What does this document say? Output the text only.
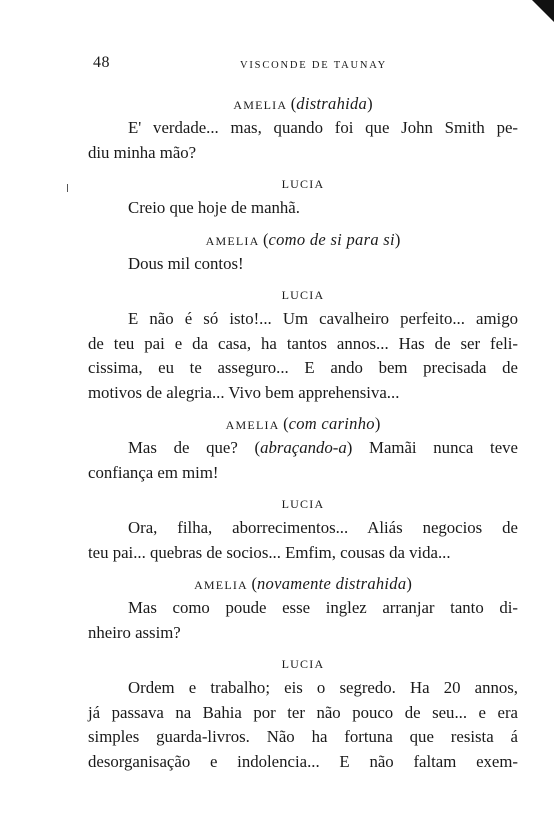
48	VISCONDE DE TAUNAY

AMELIA (distrahida)

E' verdade... mas, quando foi que John Smith pe-
diu minha mão?

LUCIA

Creio que hoje de manhã.

AMELIA (como de si para si)

Dous mil contos!

LUCIA

E não é só isto!... Um cavalheiro perfeito... amigo
de teu pai e da casa, ha tantos annos... Has de ser feli-
cissima, eu te asseguro... E ando bem precisada de
motivos de alegria... Vivo bem apprehensiva...

AMELIA (com carinho)

Mas de que? (abraçando-a) Mamãi nunca teve
confiança em mim!

LUCIA

Ora, filha, aborrecimentos... Aliás negocios de
teu pai... quebras de socios... Emfim, cousas da vida...

AMELIA (novamente distrahida)

Mas como poude esse inglez arranjar tanto di-
nheiro assim?

LUCIA

Ordem e trabalho; eis o segredo. Ha 20 annos,
já passava na Bahia por ter não pouco de seu... e era
simples guarda-livros. Não ha fortuna que resista á
desorganisação e indolencia... E não faltam exem-
